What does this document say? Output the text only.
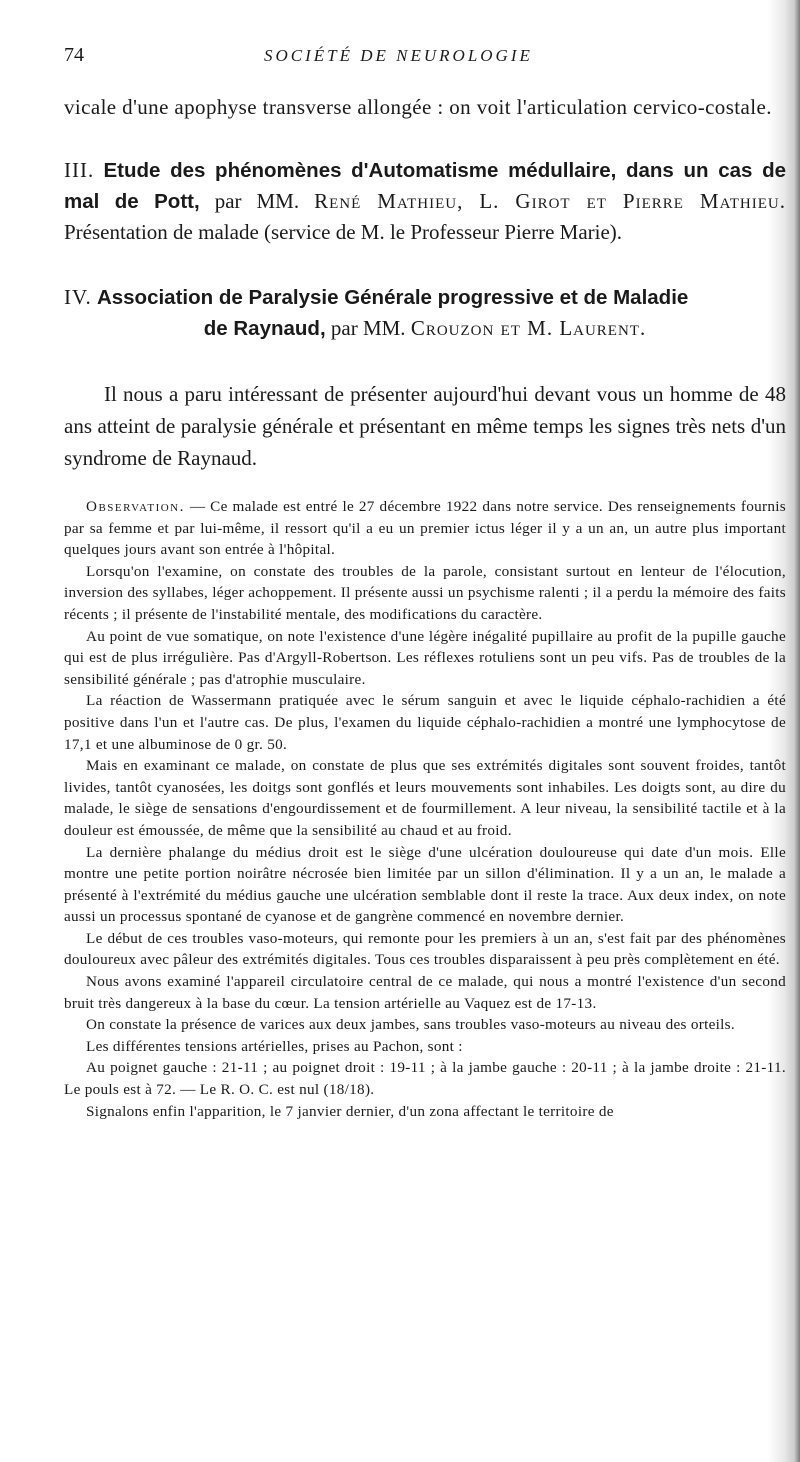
74	SOCIÉTÉ DE NEUROLOGIE

vicale d'une apophyse transverse allongée : on voit l'articulation cervico-costale.

III. Etude des phénomènes d'Automatisme médullaire, dans un cas de mal de Pott, par MM. René Mathieu, L. Girot et Pierre Mathieu. Présentation de malade (service de M. le Professeur Pierre Marie).
IV. Association de Paralysie Générale progressive et de Maladie
de Raynaud, par MM. Crouzon et M. Laurent.

Il nous a paru intéressant de présenter aujourd'hui devant vous un homme de 48 ans atteint de paralysie générale et présentant en même temps les signes très nets d'un syndrome de Raynaud.

Observation. — Ce malade est entré le 27 décembre 1922 dans notre service. Des renseignements fournis par sa femme et par lui-même, il ressort qu'il a eu un premier ictus léger il y a un an, un autre plus important quelques jours avant son entrée à l'hôpital.

Lorsqu'on l'examine, on constate des troubles de la parole, consistant surtout en lenteur de l'élocution, inversion des syllabes, léger achoppement. Il présente aussi un psychisme ralenti ; il a perdu la mémoire des faits récents ; il présente de l'instabilité mentale, des modifications du caractère.

Au point de vue somatique, on note l'existence d'une légère inégalité pupillaire au profit de la pupille gauche qui est de plus irrégulière. Pas d'Argyll-Robertson. Les réflexes rotuliens sont un peu vifs. Pas de troubles de la sensibilité générale ; pas d'atrophie musculaire.

La réaction de Wassermann pratiquée avec le sérum sanguin et avec le liquide céphalo-rachidien a été positive dans l'un et l'autre cas. De plus, l'examen du liquide céphalo-rachidien a montré une lymphocytose de 17,1 et une albuminose de 0 gr. 50.

Mais en examinant ce malade, on constate de plus que ses extrémités digitales sont souvent froides, tantôt livides, tantôt cyanosées, les doitgs sont gonflés et leurs mouvements sont inhabiles. Les doigts sont, au dire du malade, le siège de sensations d'engourdissement et de fourmillement. A leur niveau, la sensibilité tactile et à la douleur est émoussée, de même que la sensibilité au chaud et au froid.

La dernière phalange du médius droit est le siège d'une ulcération douloureuse qui date d'un mois. Elle montre une petite portion noirâtre nécrosée bien limitée par un sillon d'élimination. Il y a un an, le malade a présenté à l'extrémité du médius gauche une ulcération semblable dont il reste la trace. Aux deux index, on note aussi un processus spontané de cyanose et de gangrène commencé en novembre dernier.

Le début de ces troubles vaso-moteurs, qui remonte pour les premiers à un an, s'est fait par des phénomènes douloureux avec pâleur des extrémités digitales. Tous ces troubles disparaissent à peu près complètement en été.

Nous avons examiné l'appareil circulatoire central de ce malade, qui nous a montré l'existence d'un second bruit très dangereux à la base du cœur. La tension artérielle au Vaquez est de 17-13.

On constate la présence de varices aux deux jambes, sans troubles vaso-moteurs au niveau des orteils.

Les différentes tensions artérielles, prises au Pachon, sont :

Au poignet gauche : 21-11 ; au poignet droit : 19-11 ; à la jambe gauche : 20-11 ; à la jambe droite : 21-11. Le pouls est à 72. — Le R. O. C. est nul (18/18).

Signalons enfin l'apparition, le 7 janvier dernier, d'un zona affectant le territoire de
